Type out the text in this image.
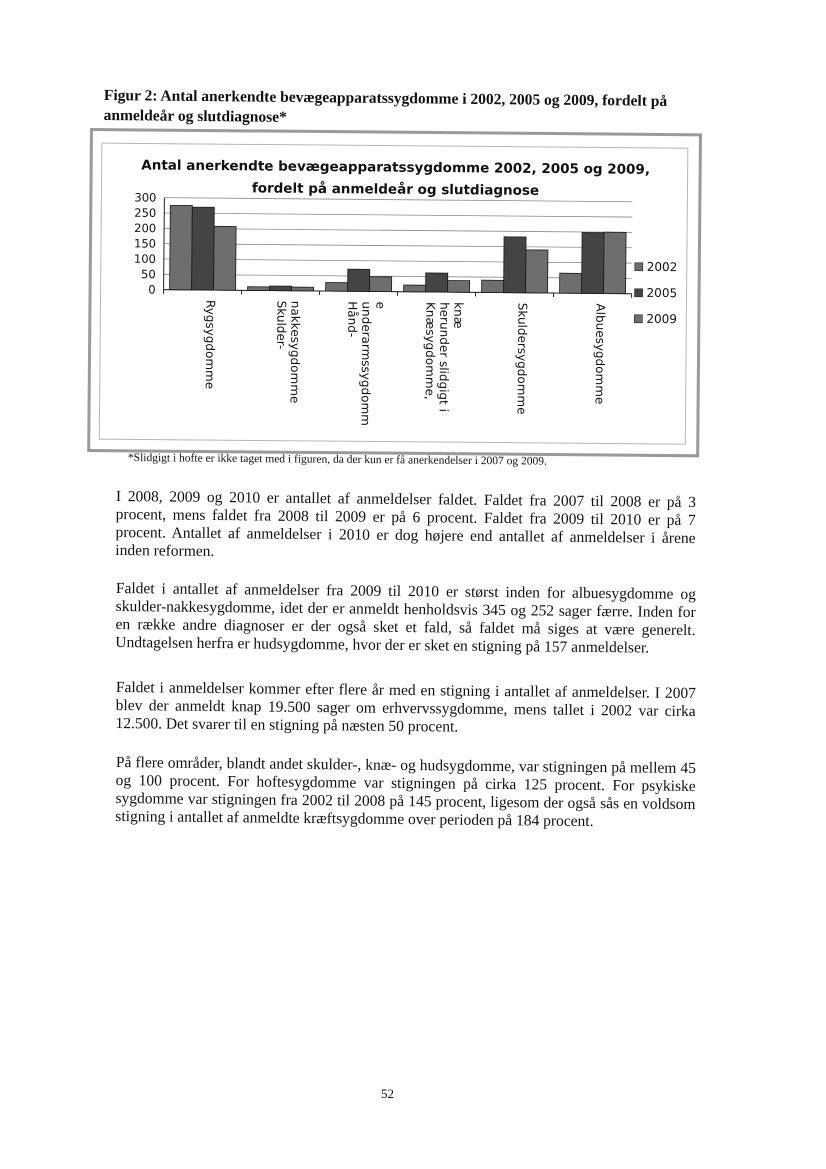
Figur 2: Antal anerkendte bevægeapparatssygdomme i 2002, 2005 og 2009, fordelt på anmeldeår og slutdiagnose*
Antal anerkendte bevægeapparatssygdomme 2002, 2005 og 2009,
fordelt på anmeldeår og slutdiagnose
0
50
100
150
200
250
300
Rygsygdomme	Skulder- nakkesygdomme	Hånd-
underarmssygdomm e	Knæsygdomme, herunder slidgigt i knæ	Skuldersygdomme	Albuesygdomme
2002
2005
2009
*Slidgigt i hofte er ikke taget med i figuren, da der kun er få anerkendelser i 2007 og 2009.

I 2008, 2009 og 2010 er antallet af anmeldelser faldet. Faldet fra 2007 til 2008 er på 3 procent, mens faldet fra 2008 til 2009 er på 6 procent. Faldet fra 2009 til 2010 er på 7 procent. Antallet af anmeldelser i 2010 er dog højere end antallet af anmeldelser i årene inden reformen.

Faldet i antallet af anmeldelser fra 2009 til 2010 er størst inden for albuesygdomme og skulder-nakkesygdomme, idet der er anmeldt henholdsvis 345 og 252 sager færre. Inden for en række andre diagnoser er der også sket et fald, så faldet må siges at være generelt. Undtagelsen herfra er hudsygdomme, hvor der er sket en stigning på 157 anmeldelser.

Faldet i anmeldelser kommer efter flere år med en stigning i antallet af anmeldelser. I 2007 blev der anmeldt knap 19.500 sager om erhvervssygdomme, mens tallet i 2002 var cirka 12.500. Det svarer til en stigning på næsten 50 procent.

På flere områder, blandt andet skulder-, knæ- og hudsygdomme, var stigningen på mellem 45 og 100 procent. For hoftesygdomme var stigningen på cirka 125 procent. For psykiske sygdomme var stigningen fra 2002 til 2008 på 145 procent, ligesom der også sås en voldsom stigning i antallet af anmeldte kræftsygdomme over perioden på 184 procent.

52
